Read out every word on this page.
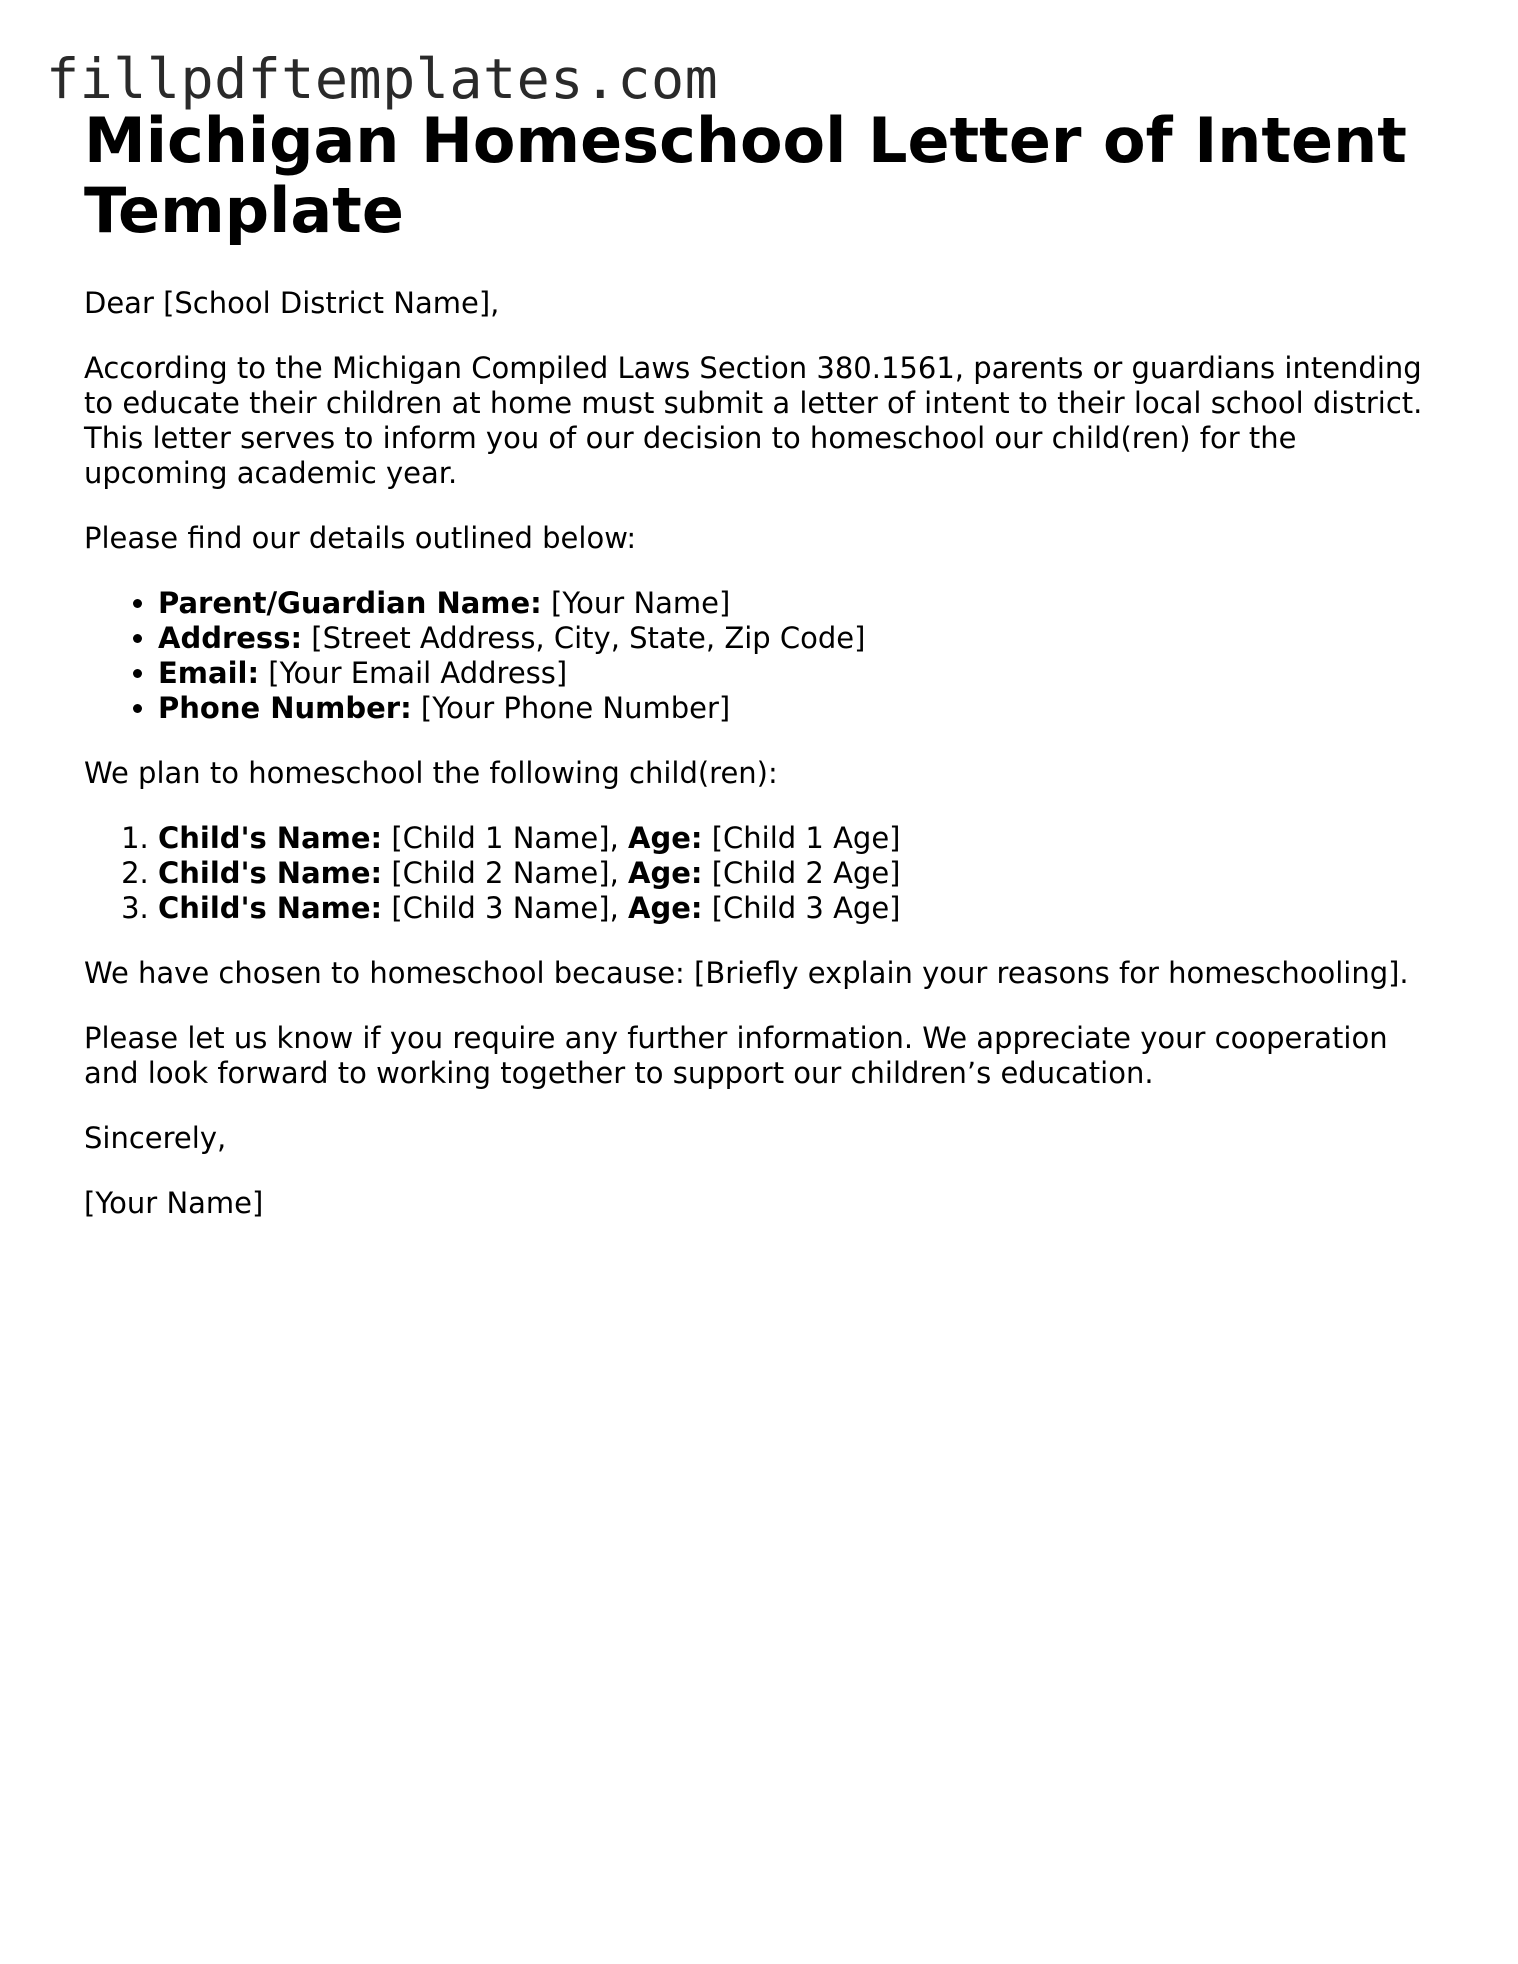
fillpdftemplates.com
Michigan Homeschool Letter of Intent Template

Dear [School District Name],

According to the Michigan Compiled Laws Section 380.1561, parents or guardians intending to educate their children at home must submit a letter of intent to their local school district. This letter serves to inform you of our decision to homeschool our child(ren) for the upcoming academic year.

Please find our details outlined below:

• Parent/Guardian Name: [Your Name]
• Address: [Street Address, City, State, Zip Code]
• Email: [Your Email Address]
• Phone Number: [Your Phone Number]

We plan to homeschool the following child(ren):

1. Child's Name: [Child 1 Name], Age: [Child 1 Age]
2. Child's Name: [Child 2 Name], Age: [Child 2 Age]
3. Child's Name: [Child 3 Name], Age: [Child 3 Age]

We have chosen to homeschool because: [Briefly explain your reasons for homeschooling].

Please let us know if you require any further information. We appreciate your cooperation and look forward to working together to support our children’s education.

Sincerely,

[Your Name]
